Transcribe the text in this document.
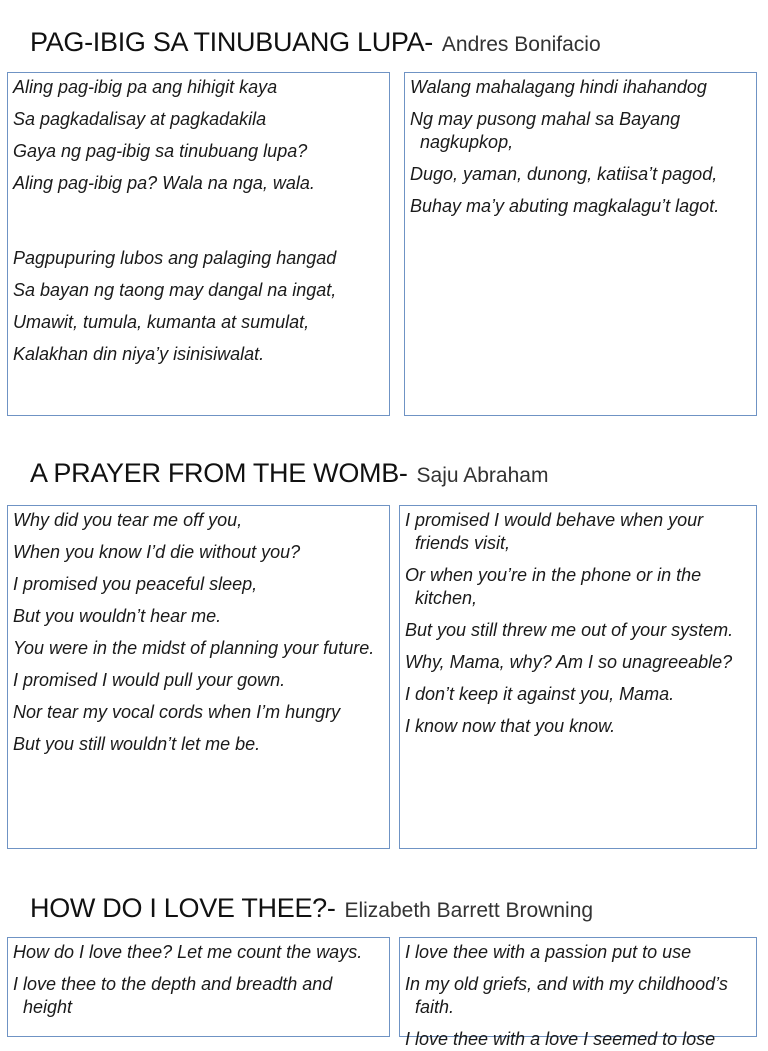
PAG-IBIG SA TINUBUANG LUPA- Andres Bonifacio

Aling pag-ibig pa ang hihigit kaya

Sa pagkadalisay at pagkadakila

Gaya ng pag-ibig sa tinubuang lupa?

Aling pag-ibig pa? Wala na nga, wala.

Pagpupuring lubos ang palaging hangad

Sa bayan ng taong may dangal na ingat,

Umawit, tumula, kumanta at sumulat,

Kalakhan din niya’y isinisiwalat.

Walang mahalagang hindi ihahandog

Ng may pusong mahal sa Bayang nagkupkop,

Dugo, yaman, dunong, katiisa’t pagod,

Buhay ma’y abuting magkalagu’t lagot.

A PRAYER FROM THE WOMB- Saju Abraham

Why did you tear me off you,

When you know I’d die without you?

I promised you peaceful sleep,

But you wouldn’t hear me.

You were in the midst of planning your future.

I promised I would pull your gown.

Nor tear my vocal cords when I’m hungry

But you still wouldn’t let me be.

I promised I would behave when your friends visit,

Or when you’re in the phone or in the kitchen,

But you still threw me out of your system.

Why, Mama, why? Am I so unagreeable?

I don’t keep it against you, Mama.

I know now that you know.

HOW DO I LOVE THEE?- Elizabeth Barrett Browning

How do I love thee? Let me count the ways.

I love thee to the depth and breadth and height

I love thee with a passion put to use

In my old griefs, and with my childhood’s faith.

I love thee with a love I seemed to lose
